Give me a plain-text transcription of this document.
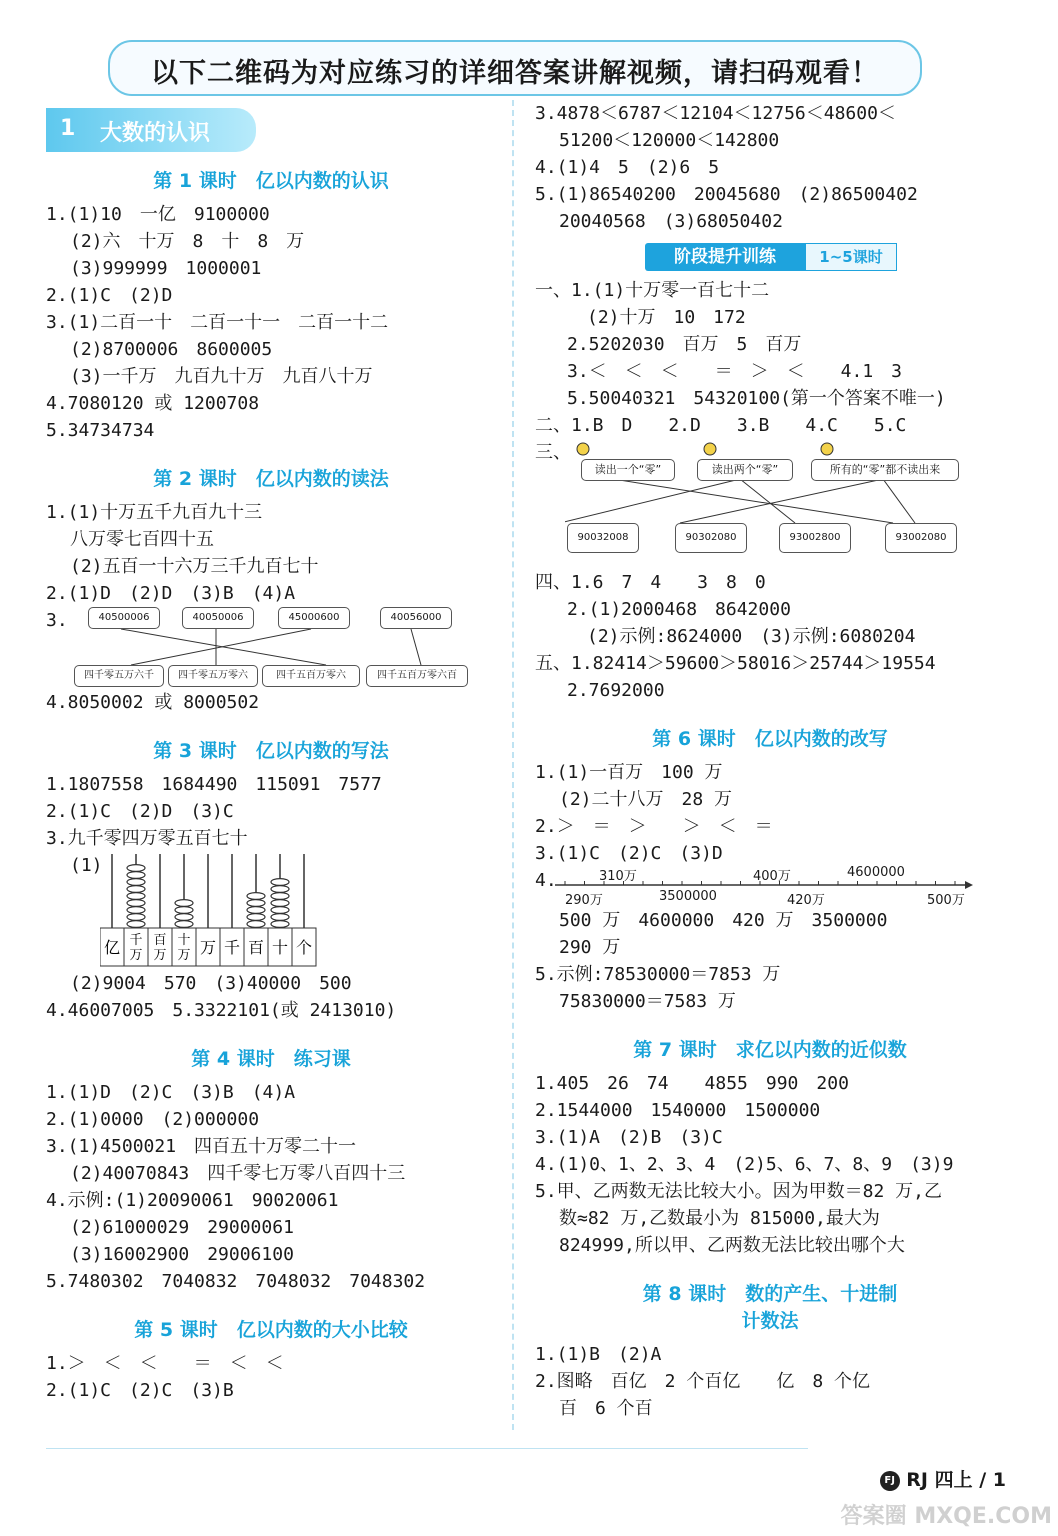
以下二维码为对应练习的详细答案讲解视频，请扫码观看！
1 大数的认识
第 1 课时　亿以内数的认识
1.(1)10　一亿　9100000
(2)六　十万　8　十　8　万
(3)999999　1000001
2.(1)C　(2)D
3.(1)二百一十　二百一十一　二百一十二
(2)8700006　8600005
(3)一千万　九百九十万　九百八十万
4.7080120 或 1200708
5.34734734
第 2 课时　亿以内数的读法
1.(1)十万五千九百九十三
八万零七百四十五
(2)五百一十六万三千九百七十
2.(1)D　(2)D　(3)B　(4)A
3.	40500006	40050006	45000600	40056000
四千零五万六千	四千零五万零六	四千五百万零六	四千五百万零六百
4.8050002 或 8000502
第 3 课时　亿以内数的写法
1.1807558　1684490　115091　7577
2.(1)C　(2)D　(3)C
3.九千零四万零五百七十
(1)
亿 千
万
百
万
十
万 万 千 百 十 个
(2)9004　570　(3)40000　500
4.46007005　5.3322101(或 2413010)
第 4 课时　练习课
1.(1)D　(2)C　(3)B　(4)A
2.(1)0000　(2)000000
3.(1)4500021　四百五十万零二十一
(2)40070843　四千零七万零八百四十三
4.示例:(1)20090061　90020061
(2)61000029　29000061
(3)16002900　29006100
5.7480302　7040832　7048032　7048302
第 5 课时　亿以内数的大小比较
1.＞　＜　＜　　＝　＜　＜
2.(1)C　(2)C　(3)B
3.4878＜6787＜12104＜12756＜48600＜
51200＜120000＜142800
4.(1)4　5　(2)6　5
5.(1)86540200　20045680　(2)86500402
20040568　(3)68050402
阶段提升训练	1~5课时
一、1.(1)十万零一百七十二
(2)十万　10　172
2.5202030　百万　5　百万
3.＜　＜　＜　　＝　＞　＜　　4.1　3
5.50040321　54320100(第一个答案不唯一)
二、1.B　D　　2.D　　3.B　　4.C　　5.C
三、
读出一个“零”	读出两个“零”	所有的“零”都不读出来
90032008	90302080	93002800	93002080
四、1.6　7　4　　3　8　0
2.(1)2000468　8642000
(2)示例:8624000　(3)示例:6080204
五、1.82414＞59600＞58016＞25744＞19554
2.7692000
第 6 课时　亿以内数的改写
1.(1)一百万　100 万
(2)二十八万　28 万
2.＞　＝　＞　　＞　＜　＝
3.(1)C　(2)C　(3)D
4.	310万	400万	4600000
290万	3500000	420万	500万
500 万　4600000　420 万　3500000
290 万
5.示例:78530000＝7853 万
75830000＝7583 万
第 7 课时　求亿以内数的近似数
1.405　26　74　　4855　990　200
2.1544000　1540000　1500000
3.(1)A　(2)B　(3)C
4.(1)0、1、2、3、4　(2)5、6、7、8、9　(3)9
5.甲、乙两数无法比较大小。因为甲数＝82 万,乙
数≈82 万,乙数最小为 815000,最大为
824999,所以甲、乙两数无法比较出哪个大
第 8 课时　数的产生、十进制
计数法
1.(1)B　(2)A
2.图略　百亿　2 个百亿　　亿　8 个亿
百　6 个百
FJ RJ 四上 / 1
答案圈 MXQE.COM
